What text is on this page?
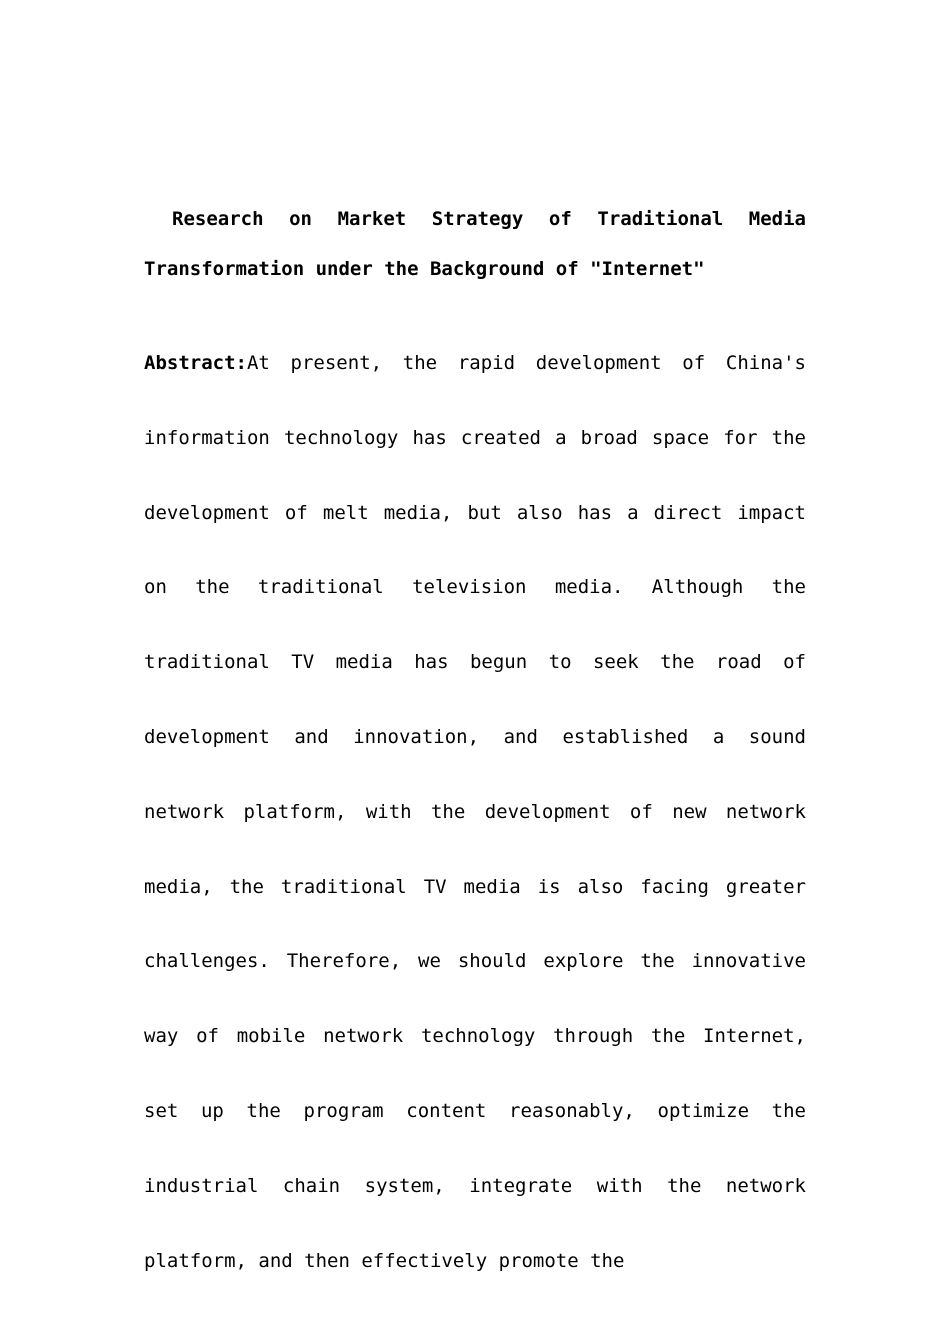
Research on Market Strategy of Traditional Media Transformation under the Background of "Internet"

Abstract:At present, the rapid development of China's information technology has created a broad space for the development of melt media, but also has a direct impact on the traditional television media. Although the traditional TV media has begun to seek the road of development and innovation, and established a sound network platform, with the development of new network media, the traditional TV media is also facing greater challenges. Therefore, we should explore the innovative way of mobile network technology through the Internet, set up the program content reasonably, optimize the industrial chain system, integrate with the network platform, and then effectively promote the
